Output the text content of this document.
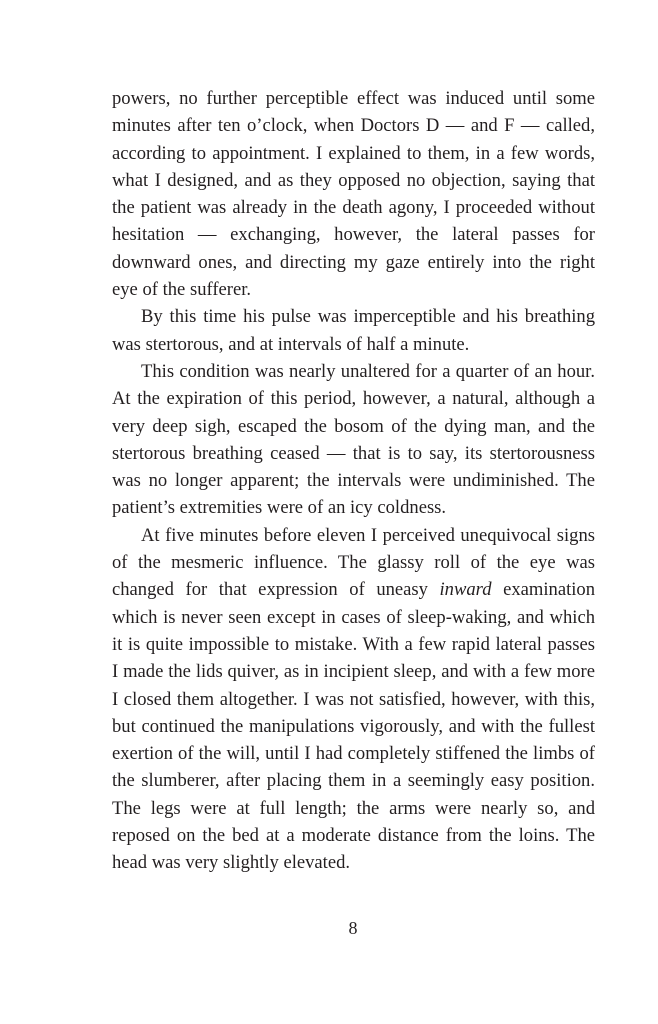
powers, no further perceptible effect was induced until some minutes after ten o’clock, when Doctors D — and F — called, according to appointment. I explained to them, in a few words, what I designed, and as they opposed no objection, saying that the patient was already in the death agony, I proceeded without hesitation — exchanging, however, the lateral passes for downward ones, and directing my gaze entirely into the right eye of the sufferer.

By this time his pulse was imperceptible and his breathing was stertorous, and at intervals of half a minute.

This condition was nearly unaltered for a quarter of an hour. At the expiration of this period, however, a natural, although a very deep sigh, escaped the bosom of the dying man, and the stertorous breathing ceased — that is to say, its stertorousness was no longer apparent; the intervals were undiminished. The patient’s extremities were of an icy coldness.

At five minutes before eleven I perceived unequivocal signs of the mesmeric influence. The glassy roll of the eye was changed for that expression of uneasy inward examination which is never seen except in cases of sleep-waking, and which it is quite impossible to mistake. With a few rapid lateral passes I made the lids quiver, as in incipient sleep, and with a few more I closed them altogether. I was not satisfied, however, with this, but continued the manipulations vigorously, and with the fullest exertion of the will, until I had completely stiffened the limbs of the slumberer, after placing them in a seemingly easy position. The legs were at full length; the arms were nearly so, and reposed on the bed at a moderate distance from the loins. The head was very slightly elevated.

8
